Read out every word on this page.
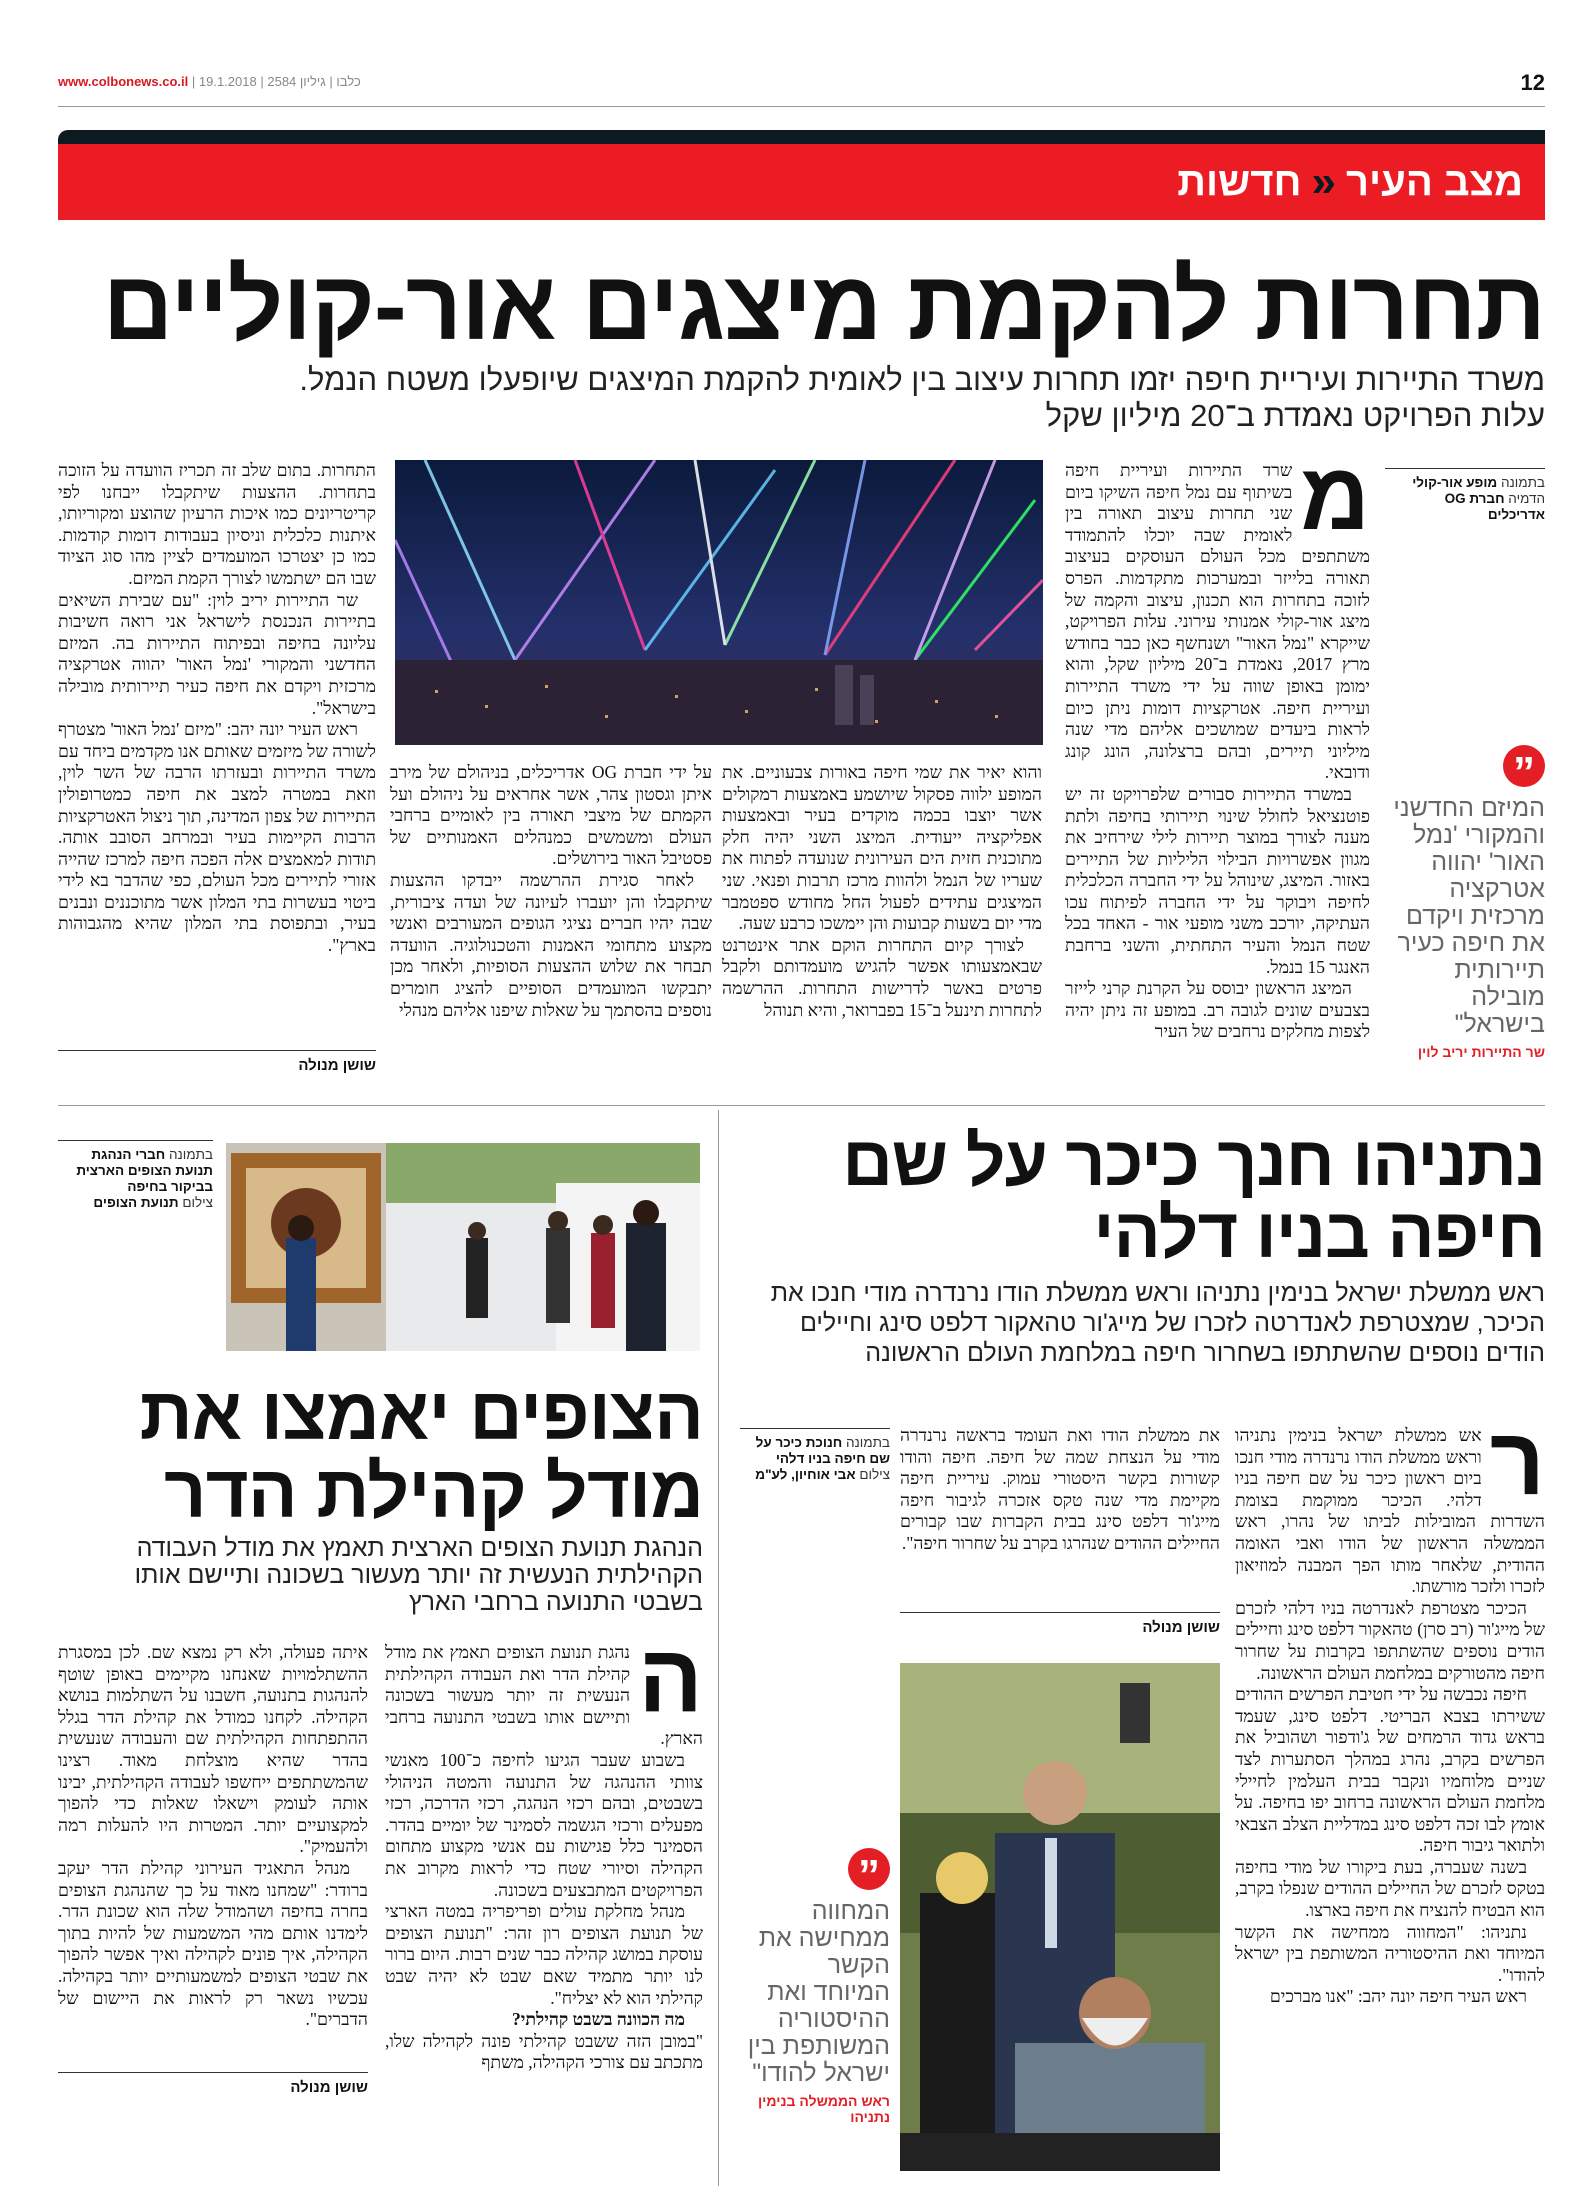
www.colbonews.co.il |	כלבו | גיליון 2584 | 19.1.2018	12
מצב העיר
»
חדשות
תחרות להקמת מיצגים אור-קוליים
משרד התיירות ועיריית חיפה יזמו תחרות עיצוב בין לאומית להקמת המיצגים שיופעלו משטח הנמל.
עלות הפרויקט נאמדת ב־20 מיליון שקל
בתמונה מופע אור-קולי
הדמיה חברת OG אדריכלים
”
המיזם החדשני והמקורי 'נמל האור' יהווה אטרקציה מרכזית ויקדם את חיפה כעיר תיירותית מובילה בישראל"
שר התיירות יריב לוין
מ

שרד התיירות ועיריית חיפה בשיתוף עם נמל חיפה השיקו ביום שני תחרות עיצוב תאורה בין לאומית שבה יוכלו להתמודד משתתפים מכל העולם העוסקים בעיצוב תאורה בלייזר ובמערכות מתקדמות. הפרס לזוכה בתחרות הוא תכנון, עיצוב והקמה של מיצג אור-קולי אמנותי עירוני. עלות הפרויקט, שייקרא "נמל האור" ושנחשף כאן כבר בחודש מרץ 2017, נאמדת ב־20 מיליון שקל, והוא ימומן באופן שווה על ידי משרד התיירות ועיריית חיפה. אטרקציות דומות ניתן כיום לראות ביעדים שמושכים אליהם מדי שנה מיליוני תיירים, ובהם ברצלונה, הונג קונג ודובאי.

במשרד התיירות סבורים שלפרויקט זה יש פוטנציאל לחולל שינוי תיירותי בחיפה ולתת מענה לצורך במוצר תיירות לילי שירחיב את מגוון אפשרויות הבילוי הליליות של התיירים באזור. המיצג, שינוהל על ידי החברה הכלכלית לחיפה ויבוקר על ידי החברה לפיתוח עכו העתיקה, יורכב משני מופעי אור - האחד בכל שטח הנמל והעיר התחתית, והשני ברחבת האנגר 15 בנמל.

המיצג הראשון יבוסס על הקרנת קרני לייזר בצבעים שונים לגובה רב. במופע זה ניתן יהיה לצפות מחלקים נרחבים של העיר

והוא יאיר את שמי חיפה באורות צבעוניים. את המופע ילווה פסקול שיושמע באמצעות רמקולים אשר יוצבו בכמה מוקדים בעיר ובאמצעות אפליקציה ייעודית. המיצג השני יהיה חלק מתוכנית חזית הים העירונית שנועדה לפתוח את שעריו של הנמל ולהוות מרכז תרבות ופנאי. שני המיצגים עתידים לפעול החל מחודש ספטמבר מדי יום בשעות קבועות והן יימשכו כרבע שעה.

לצורך קיום התחרות הוקם אתר אינטרנט שבאמצעותו אפשר להגיש מועמדותם ולקבל פרטים באשר לדרישות התחרות. ההרשמה לתחרות תינעל ב־15 בפברואר, והיא תנוהל

על ידי חברת OG אדריכלים, בניהולם של מירב איתן וגסטון צהר, אשר אחראים על ניהולם ועל הקמתם של מיצבי תאורה בין לאומיים ברחבי העולם ומשמשים כמנהלים האמנותיים של פסטיבל האור בירושלים.

לאחר סגירת ההרשמה ייבדקו ההצעות שיתקבלו והן יועברו לעיונה של ועדה ציבורית, שבה יהיו חברים נציגי הגופים המעורבים ואנשי מקצוע מתחומי האמנות והטכנולוגיה. הוועדה תבחר את שלוש ההצעות הסופיות, ולאחר מכן יתבקשו המועמדים הסופיים להציג חומרים נוספים בהסתמך על שאלות שיפנו אליהם מנהלי

התחרות. בתום שלב זה תכריז הוועדה על הזוכה בתחרות. ההצעות שיתקבלו ייבחנו לפי קריטריונים כמו איכות הרעיון שהוצע ומקוריותו, איתנות כלכלית וניסיון בעבודות דומות קודמות. כמו כן יצטרכו המועמדים לציין מהו סוג הציוד שבו הם ישתמשו לצורך הקמת המיזם.

שר התיירות יריב לוין: "עם שבירת השיאים בתיירות הנכנסת לישראל אני רואה חשיבות עליונה בחיפה ובפיתוח התיירות בה. המיזם החדשני והמקורי 'נמל האור' יהווה אטרקציה מרכזית ויקדם את חיפה כעיר תיירותית מובילה בישראל".

ראש העיר יונה יהב: "מיזם 'נמל האור' מצטרף לשורה של מיזמים שאותם אנו מקדמים ביחד עם משרד התיירות ובעזרתו הרבה של השר לוין, וזאת במטרה למצב את חיפה כמטרופולין התיירות של צפון המדינה, תוך ניצול האטרקציות הרבות הקיימות בעיר ובמרחב הסובב אותה. תודות למאמצים אלה הפכה חיפה למרכז שהייה אזורי לתיירים מכל העולם, כפי שהדבר בא לידי ביטוי בעשרות בתי המלון אשר מתוכננים ונבנים בעיר, ובתפוסת בתי המלון שהיא מהגבוהות בארץ".

שושן מנולה
בתמונה חברי הנהגת תנועת הצופים הארצית בביקור בחיפה
צילום תנועת הצופים
הצופים יאמצו את
מודל קהילת הדר
הנהגת תנועת הצופים הארצית תאמץ את מודל העבודה הקהילתית הנעשית זה יותר מעשור בשכונה ותיישם אותו בשבטי התנועה ברחבי הארץ
ה

נהגת תנועת הצופים תאמץ את מודל קהילת הדר ואת העבודה הקהילתית הנעשית זה יותר מעשור בשכונה ותיישם אותו בשבטי התנועה ברחבי הארץ.

בשבוע שעבר הגיעו לחיפה כ־100 מאנשי צוותי ההנהגה של התנועה והמטה הניהולי בשבטים, ובהם רכזי הנהגה, רכזי הדרכה, רכזי מפעלים ורכזי הגשמה לסמינר של יומיים בהדר. הסמינר כלל פגישות עם אנשי מקצוע מתחום הקהילה וסיורי שטח כדי לראות מקרוב את הפרויקטים המתבצעים בשכונה.

מנהל מחלקת עולים ופריפריה במטה הארצי של תנועת הצופים רון זהר: "תנועת הצופים עוסקת במושג קהילה כבר שנים רבות. היום ברור לנו יותר מתמיד שאם שבט לא יהיה שבט קהילתי הוא לא יצליח".

מה הכוונה בשבט קהילתי?

"במובן הזה ששבט קהילתי פונה לקהילה שלו, מתכתב עם צורכי הקהילה, משתף

איתה פעולה, ולא רק נמצא שם. לכן במסגרת ההשתלמויות שאנחנו מקיימים באופן שוטף להנהגות בתנועה, חשבנו על השתלמות בנושא הקהילה. לקחנו כמודל את קהילת הדר בגלל ההתפתחות הקהילתית שם והעבודה שנעשית בהדר שהיא מוצלחת מאוד. רצינו שהמשתתפים ייחשפו לעבודה הקהילתית, יבינו אותה לעומק וישאלו שאלות כדי להפוך למקצועיים יותר. המטרות היו להעלות רמה ולהעמיק".

מנהל התאגיד העירוני קהילת הדר יעקב ברודר: "שמחנו מאוד על כך שהנהגת הצופים בחרה בחיפה ושהמודל שלה הוא שכונת הדר. לימדנו אותם מהי המשמעות של להיות בתוך הקהילה, איך פונים לקהילה ואיך אפשר להפוך את שבטי הצופים למשמעותיים יותר בקהילה. עכשיו נשאר רק לראות את היישום של הדברים".

שושן מנולה
נתניהו חנך כיכר על שם
חיפה בניו דלהי
ראש ממשלת ישראל בנימין נתניהו וראש ממשלת הודו נרנדרה מודי חנכו את הכיכר, שמצטרפת לאנדרטה לזכרו של מייג'ור טהאקור דלפט סינג וחיילים הודים נוספים שהשתתפו בשחרור חיפה במלחמת העולם הראשונה
ר

אש ממשלת ישראל בנימין נתניהו וראש ממשלת הודו נרנדרה מודי חנכו ביום ראשון כיכר על שם חיפה בניו דלהי. הכיכר ממוקמת בצומת השדרות המובילות לביתו של נהרו, ראש הממשלה הראשון של הודו ואבי האומה ההודית, שלאחר מותו הפך המבנה למוזיאון לזכרו ולזכר מורשתו.

הכיכר מצטרפת לאנדרטה בניו דלהי לזכרם של מייג'ור (רב סרן) טהאקור דלפט סינג וחיילים הודים נוספים שהשתתפו בקרבות על שחרור חיפה מהטורקים במלחמת העולם הראשונה.

חיפה נכבשה על ידי חטיבת הפרשים ההודים ששירתו בצבא הבריטי. דלפט סינג, שעמד בראש גדוד הרמחים של ג'ודפור ושהוביל את הפרשים בקרב, נהרג במהלך הסתערות לצד שניים מלוחמיו ונקבר בבית העלמין לחיילי מלחמת העולם הראשונה ברחוב יפו בחיפה. על אומץ לבו זכה דלפט סינג במדליית הצלב הצבאי ולתואר גיבור חיפה.

בשנה שעברה, בעת ביקורו של מודי בחיפה בטקס לזכרם של החיילים ההודים שנפלו בקרב, הוא הבטיח להנציח את חיפה בארצו.

נתניהו: "המחווה ממחישה את הקשר המיוחד ואת ההיסטוריה המשותפת בין ישראל להודו".

ראש העיר חיפה יונה יהב: "אנו מברכים

את ממשלת הודו ואת העומד בראשה נרנדרה מודי על הנצחת שמה של חיפה. חיפה והודו קשורות בקשר היסטורי עמוק. עיריית חיפה מקיימת מדי שנה טקס אזכרה לגיבור חיפה מייג'ור דלפט סינג בבית הקברות שבו קבורים החיילים ההודים שנהרגו בקרב על שחרור חיפה".

שושן מנולה
בתמונה חנוכת כיכר על שם חיפה בניו דלהי
צילום אבי אוחיון, לע"מ
”
המחווה ממחישה את הקשר המיוחד ואת ההיסטוריה המשותפת בין ישראל להודו"
ראש הממשלה בנימין נתניהו
